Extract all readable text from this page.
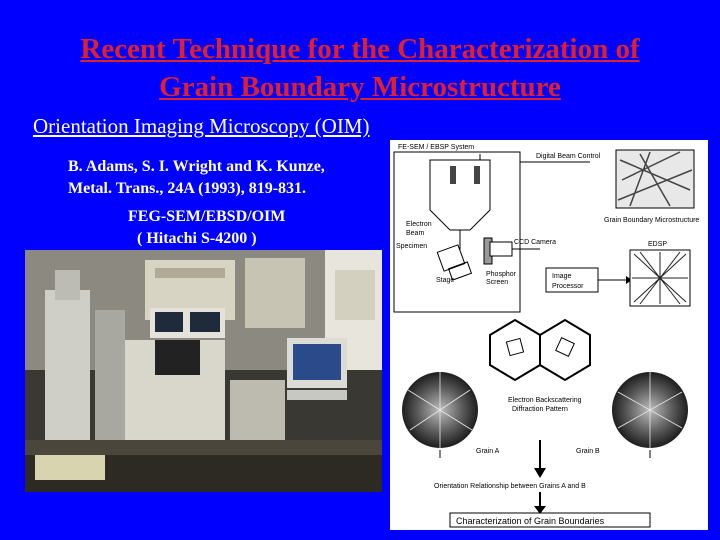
Recent Technique for the Characterization of
Grain Boundary Microstructure
Orientation Imaging Microscopy (OIM)
B. Adams, S. I. Wright and K. Kunze,
Metal. Trans., 24A (1993), 819-831.
FEG-SEM/EBSD/OIM
( Hitachi S-4200 )
FE-SEM / EBSP System
Electron
Beam
Specimen
Stage
Phosphor
Screen
CCD Camera
Digital Beam Control
Grain Boundary Microstructure
Image
Processor
EDSP
Electron Backscattering
Diffraction Pattern
Grain A	Grain B
Orientation Relationship between Grains A and B
Characterization of Grain Boundaries
